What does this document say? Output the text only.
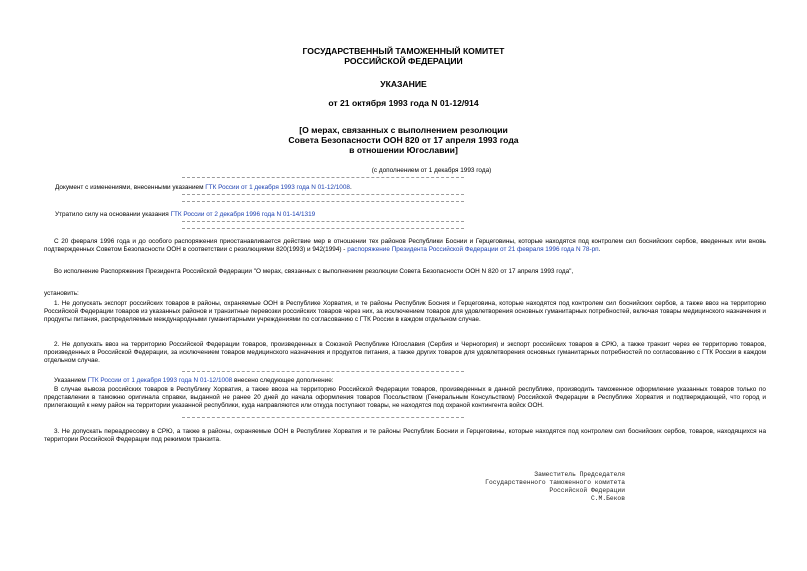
ГОСУДАРСТВЕННЫЙ ТАМОЖЕННЫЙ КОМИТЕТ
РОССИЙСКОЙ ФЕДЕРАЦИИ
УКАЗАНИЕ
от 21 октября 1993 года N 01-12/914
[О мерах, связанных с выполнением резолюции
Совета Безопасности ООН 820 от 17 апреля 1993 года
в отношении Югославии]
(с дополнением от 1 декабря 1993 года)
Документ с изменениями, внесенными указанием ГТК России от 1 декабря 1993 года N 01-12/1008.
Утратило силу на основании указания ГТК России от 2 декабря 1996 года N 01-14/1319
С 20 февраля 1996 года и до особого распоряжения приостанавливается действие мер в отношении тех районов Республики Боснии и Герцеговины, которые находятся под контролем сил боснийских сербов, введенных или вновь подтвержденных Советом Безопасности ООН в соответствии с резолюциями 820(1993) и 942(1994) - распоряжение Президента Российской Федерации от 21 февраля 1996 года N 78-рп.
Во исполнение Распоряжения Президента Российской Федерации "О мерах, связанных с выполнением резолюции Совета Безопасности ООН N 820 от 17 апреля 1993 года",
установить:
1. Не допускать экспорт российских товаров в районы, охраняемые ООН в Республике Хорватия, и те районы Республик Босния и Герцеговина, которые находятся под контролем сил боснийских сербов, а также ввоз на территорию Российской Федерации товаров из указанных районов и транзитные перевозки российских товаров через них, за исключением товаров для удовлетворения основных гуманитарных потребностей, включая товары медицинского назначения и продукты питания, распределяемые международными гуманитарными учреждениями по согласованию с ГТК России в каждом отдельном случае.
2. Не допускать ввоз на территорию Российской Федерации товаров, произведенных в Союзной Республике Югославия (Сербия и Черногория) и экспорт российских товаров в СРЮ, а также транзит через ее территорию товаров, произведенных в Российской Федерации, за исключением товаров медицинского назначения и продуктов питания, а также других товаров для удовлетворения основных гуманитарных потребностей по согласованию с ГТК России в каждом отдельном случае.
Указанием ГТК России от 1 декабря 1993 года N 01-12/1008 внесено следующее дополнение:
В случае вывоза российских товаров в Республику Хорватия, а также ввоза на территорию Российской Федерации товаров, произведенных в данной республике, производить таможенное оформление указанных товаров только по представлении в таможню оригинала справки, выданной не ранее 20 дней до начала оформления товаров Посольством (Генеральным Консульством) Российской Федерации в Республике Хорватия и подтверждающей, что город и прилегающий к нему район на территории указанной республики, куда направляются или откуда поступают товары, не находятся под охраной контингента войск ООН.
3. Не допускать переадресовку в СРЮ, а также в районы, охраняемые ООН в Республике Хорватия и те районы Республик Боснии и Герцеговины, которые находятся под контролем сил боснийских сербов, товаров, находящихся на территории Российской Федерации под режимом транзита.
Заместитель Председателя
Государственного таможенного комитета
Российской Федерации
С.М.Беков
